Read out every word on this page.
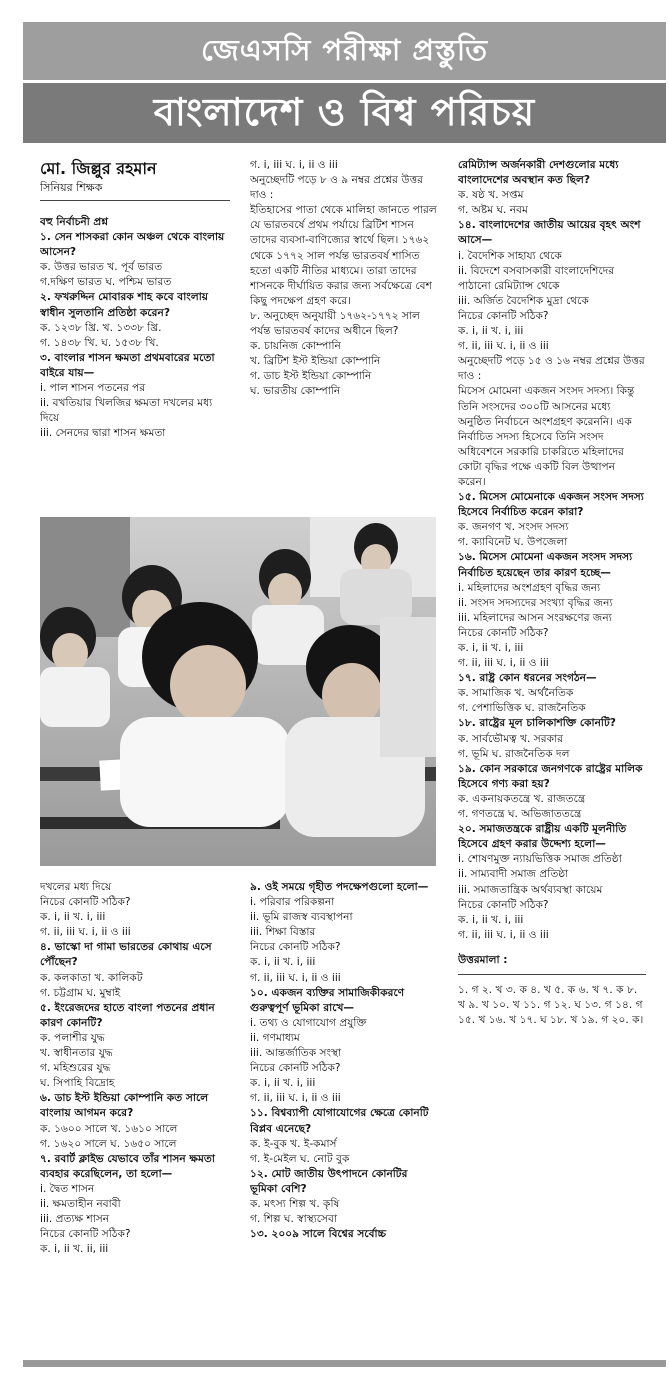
জেএসসি পরীক্ষা প্রস্তুতি
বাংলাদেশ ও বিশ্ব পরিচয়
মো. জিল্লুর রহমান
সিনিয়র শিক্ষক
বহু নির্বাচনী প্রশ্ন
১. সেন শাসকরা কোন অঞ্চল থেকে বাংলায় আসেন?
ক. উত্তর ভারত খ. পূর্ব ভারত
গ.দক্ষিণ ভারত ঘ. পশ্চিম ভারত
২. ফখরুদ্দিন মোবারক শাহ কবে বাংলায় স্বাধীন সুলতানি প্রতিষ্ঠা করেন?
ক. ১২৩৮ খ্রি. খ. ১৩৩৮ খ্রি.
গ. ১৪৩৮ খি. ঘ. ১৫৩৮ খি.
৩. বাংলার শাসন ক্ষমতা প্রথমবারের মতো বাইরে যায়—
i. পাল শাসন পতনের পর
ii. বখতিয়ার খিলজির ক্ষমতা দখলের মধ্য দিয়ে
iii. সেনদের দ্বারা শাসন ক্ষমতা
গ. i, iii ঘ. i, ii ও iii
অনুচ্ছেদটি পড়ে ৮ ও ৯ নম্বর প্রশ্নের উত্তর দাও :
ইতিহাসের পাতা থেকে মালিহা জানতে পারল যে ভারতবর্ষে প্রথম পর্যায়ে ব্রিটিশ শাসন তাদের ব্যবসা-বাণিজ্যের স্বার্থে ছিল। ১৭৬২ থেকে ১৭৭২ সাল পর্যন্ত ভারতবর্ষ শাসিত হতো একটি নীতির মাধ্যমে। তারা তাদের শাসনকে দীর্ঘায়িত করার জন্য সর্বক্ষেত্রে বেশ কিছু পদক্ষেপ গ্রহণ করে।
৮. অনুচ্ছেদ অনুযায়ী ১৭৬২-১৭৭২ সাল পর্যন্ত ভারতবর্ষ কাদের অধীনে ছিল?
ক. চায়নিজ কোম্পানি
খ. ব্রিটিশ ইস্ট ইন্ডিয়া কোম্পানি
গ. ডাচ ইস্ট ইন্ডিয়া কোম্পানি
ঘ. ভারতীয় কোম্পানি
রেমিট্যান্স অর্জনকারী দেশগুলোর মধ্যে বাংলাদেশের অবস্থান কত ছিল?
ক. ষষ্ঠ খ. সপ্তম
গ. অষ্টম ঘ. নবম
১৪. বাংলাদেশের জাতীয় আয়ের বৃহৎ অংশ আসে—
i. বৈদেশিক সাহায্য থেকে
ii. বিদেশে বসবাসকারী বাংলাদেশিদের পাঠানো রেমিট্যান্স থেকে
iii. অর্জিত বৈদেশিক মুদ্রা থেকে
নিচের কোনটি সঠিক?
ক. i, ii খ. i, iii
গ. ii, iii ঘ. i, ii ও iii
অনুচ্ছেদটি পড়ে ১৫ ও ১৬ নম্বর প্রশ্নের উত্তর দাও :
মিসেস মোমেনা একজন সংসদ সদস্য। কিন্তু তিনি সংসদের ৩০০টি আসনের মধ্যে অনুষ্ঠিত নির্বাচনে অংশগ্রহণ করেননি। এক নির্বাচিত সদস্য হিসেবে তিনি সংসদ অধিবেশনে সরকারি চাকরিতে মহিলাদের কোটা বৃদ্ধির পক্ষে একটি বিল উত্থাপন করেন।
১৫. মিসেস মোমেনাকে একজন সংসদ সদস্য হিসেবে নির্বাচিত করেন কারা?
ক. জনগণ খ. সংসদ সদস্য
গ. ক্যাবিনেট ঘ. উপজেলা
১৬. মিসেস মোমেনা একজন সংসদ সদস্য নির্বাচিত হয়েছেন তার কারণ হচ্ছে—
i. মহিলাদের অংশগ্রহণ বৃদ্ধির জন্য
ii. সংসদ সদস্যদের সংখ্যা বৃদ্ধির জন্য
iii. মহিলাদের আসন সংরক্ষণের জন্য
নিচের কোনটি সঠিক?
ক. i, ii খ. i, iii
গ. ii, iii ঘ. i, ii ও iii
১৭. রাষ্ট্র কোন ধরনের সংগঠন—
ক. সামাজিক খ. অর্থনৈতিক
গ. পেশাভিত্তিক ঘ. রাজনৈতিক
১৮. রাষ্ট্রের মূল চালিকাশক্তি কোনটি?
ক. সার্বভৌমত্ব খ. সরকার
গ. ভূমি ঘ. রাজনৈতিক দল
১৯. কোন সরকারে জনগণকে রাষ্ট্রের মালিক হিসেবে গণ্য করা হয়?
ক. একনায়কতন্ত্রে খ. রাজতন্ত্রে
গ. গণতন্ত্রে ঘ. অভিজাততন্ত্রে
২০. সমাজতন্ত্রকে রাষ্ট্রীয় একটি মূলনীতি হিসেবে গ্রহণ করার উদ্দেশ্য হলো—
i. শোষণমুক্ত ন্যায়ভিত্তিক সমাজ প্রতিষ্ঠা
ii. সাম্যবাদী সমাজ প্রতিষ্ঠা
iii. সমাজতান্ত্রিক অর্থব্যবস্থা কায়েম
নিচের কোনটি সঠিক?
ক. i, ii খ. i, iii
গ. ii, iii ঘ. i, ii ও iii
উত্তরমালা :
১. গ ২. খ ৩. ক ৪. খ ৫. ক ৬. খ ৭. ক ৮. খ ৯. খ ১০. খ ১১. গ ১২. ঘ ১৩. গ ১৪. গ ১৫. খ ১৬. খ ১৭. ঘ ১৮. খ ১৯. গ ২০. ক।
দখলের মধ্য দিয়ে
নিচের কোনটি সঠিক?
ক. i, ii খ. i, iii
গ. ii, iii ঘ. i, ii ও iii
৪. ভাস্কো দা গামা ভারতের কোথায় এসে পৌঁছেন?
ক. কলকাতা খ. কালিকট
গ. চট্টগ্রাম ঘ. মুম্বাই
৫. ইংরেজদের হাতে বাংলা পতনের প্রধান কারণ কোনটি?
ক. পলাশীর যুদ্ধ
খ. স্বাধীনতার যুদ্ধ
গ. মহিশুরের যুদ্ধ
ঘ. সিপাহি বিদ্রোহ
৬. ডাচ ইস্ট ইন্ডিয়া কোম্পানি কত সালে বাংলায় আগমন করে?
ক. ১৬০০ সালে খ. ১৬১০ সালে
গ. ১৬২০ সালে ঘ. ১৬৫০ সালে
৭. রবার্ট ক্লাইভ যেভাবে তাঁর শাসন ক্ষমতা ব্যবহার করেছিলেন, তা হলো—
i. দ্বৈত শাসন
ii. ক্ষমতাহীন নবাবী
iii. প্রত্যক্ষ শাসন
নিচের কোনটি সঠিক?
ক. i, ii খ. ii, iii
৯. ওই সময়ে গৃহীত পদক্ষেপগুলো হলো—
i. পরিবার পরিকল্পনা
ii. ভূমি রাজস্ব ব্যবস্থাপনা
iii. শিক্ষা বিস্তার
নিচের কোনটি সঠিক?
ক. i, ii খ. i, iii
গ. ii, iii ঘ. i, ii ও iii
১০. একজন ব্যক্তির সামাজিকীকরণে গুরুত্বপূর্ণ ভূমিকা রাখে—
i. তথ্য ও যোগাযোগ প্রযুক্তি
ii. গণমাধ্যম
iii. আন্তর্জাতিক সংস্থা
নিচের কোনটি সঠিক?
ক. i, ii খ. i, iii
গ. ii, iii ঘ. i, ii ও iii
১১. বিশ্বব্যাপী যোগাযোগের ক্ষেত্রে কোনটি বিপ্লব এনেছে?
ক. ই-বুক খ. ই-কমার্স
গ. ই-মেইল ঘ. নোট বুক
১২. মোট জাতীয় উৎপাদনে কোনটির ভূমিকা বেশি?
ক. মৎস্য শিল্প খ. কৃষি
গ. শিল্প ঘ. স্বাস্থ্যসেবা
১৩. ২০০৯ সালে বিশ্বের সর্বোচ্চ
